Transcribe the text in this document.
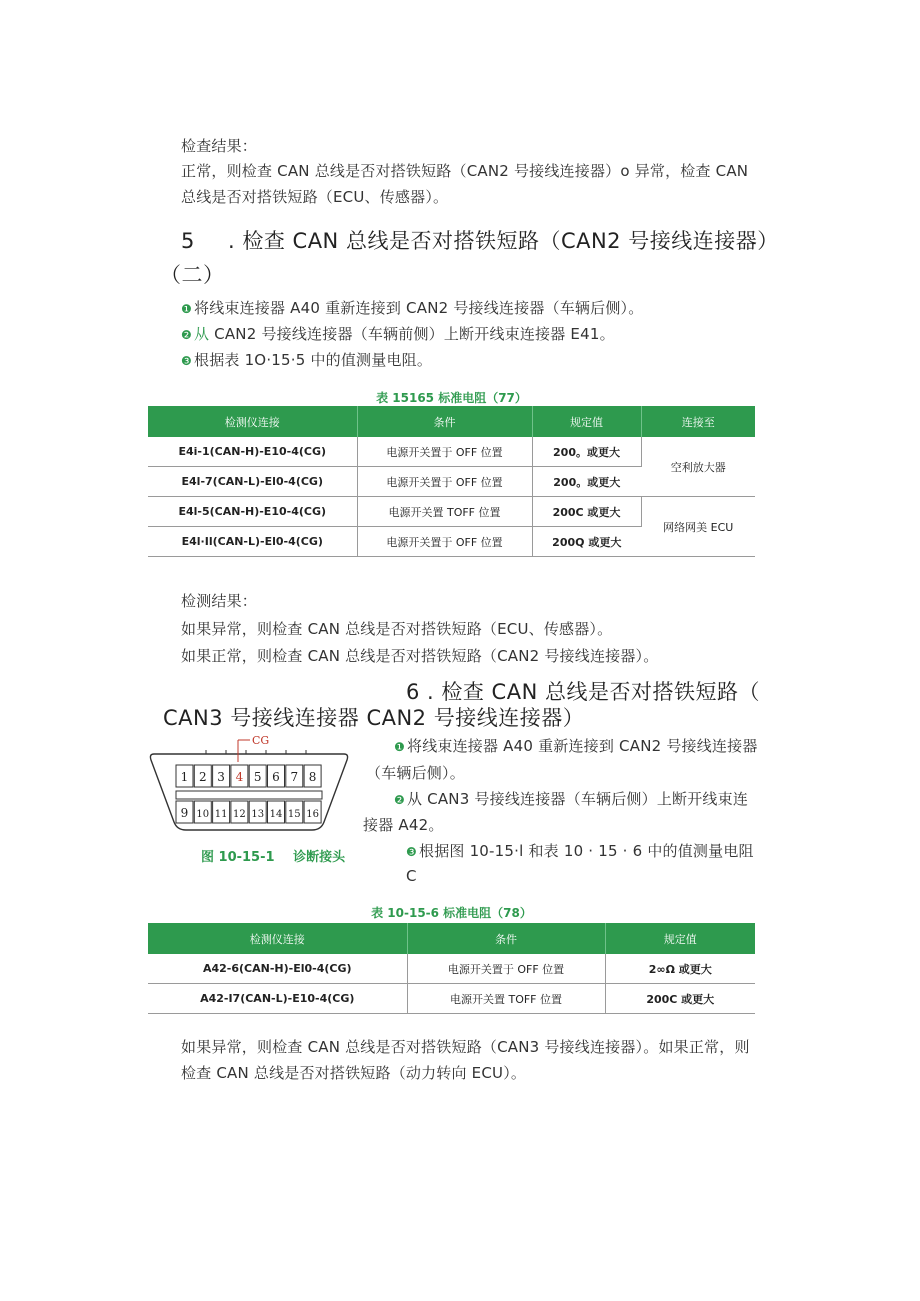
检查结果：
正常，则检查 CAN 总线是否对搭铁短路（CAN2 号接线连接器）o 异常，检查 CAN
总线是否对搭铁短路（ECU、传感器）。
5 . 检查 CAN 总线是否对搭铁短路（CAN2 号接线连接器）
（二）
❶ 将线束连接器 A40 重新连接到 CAN2 号接线连接器（车辆后侧）。
❷ 从 CAN2 号接线连接器（车辆前侧）上断开线束连接器 E41。
❸ 根据表 1O·15·5 中的值测量电阻。
表 15165 标准电阻（77）
检测仪连接	条件	规定值	连接至
E4i-1(CAN-H)-E10-4(CG)	电源开关置于 OFF 位置	200。或更大	空利放大器
E4l-7(CAN-L)-El0-4(CG)	电源开关置于 OFF 位置	200。或更大	
E4l-5(CAN-H)-E10-4(CG)	电源开关置 TOFF 位置	200C 或更大	网络网美 ECU
E4l·Il(CAN-L)-El0-4(CG)	电源开关置于 OFF 位置	200Q 或更大	
检测结果：
如果异常，则检查 CAN 总线是否对搭铁短路（ECU、传感器）。
如果正常，则检查 CAN 总线是否对搭铁短路（CAN2 号接线连接器）。
6 . 检查 CAN 总线是否对搭铁短路（
CAN3 号接线连接器 CAN2 号接线连接器）
CG
1 2 3 4 5 6 7 8
9 10 11 12 13 14 15 16
图 10-15-1 诊断接头
❶ 将线束连接器 A40 重新连接到 CAN2 号接线连接器
（车辆后侧）。
❷ 从 CAN3 号接线连接器（车辆后侧）上断开线束连
接器 A42。
❸ 根据图 10-15·l 和表 10 · 15 · 6 中的值测量电阻
C
表 10-15-6 标准电阻（78）
检测仪连接	条件	规定值
A42-6(CAN-H)-El0-4(CG)	电源开关置于 OFF 位置	2∞Ω 或更大
A42-I7(CAN-L)-E10-4(CG)	电源开关置 TOFF 位置	200C 或更大
如果异常，则检查 CAN 总线是否对搭铁短路（CAN3 号接线连接器）。如果正常，则
检查 CAN 总线是否对搭铁短路（动力转向 ECU）。
